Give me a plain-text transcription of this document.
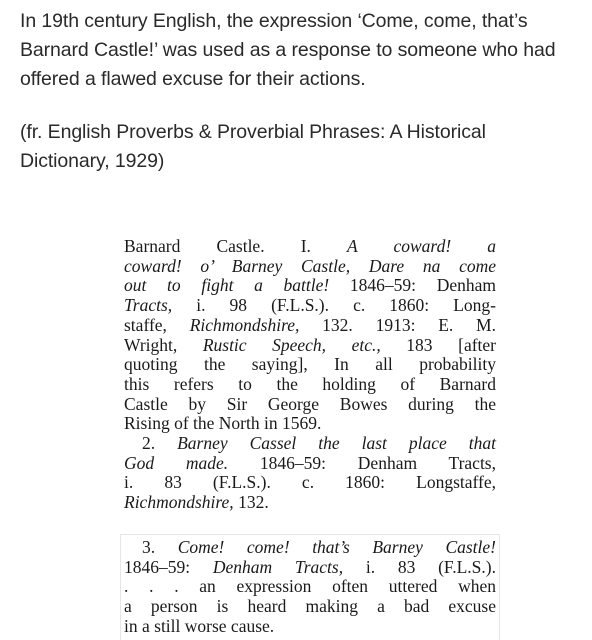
In 19th century English, the expression ‘Come, come, that’s Barnard Castle!’ was used as a response to someone who had offered a flawed excuse for their actions.
(fr. English Proverbs & Proverbial Phrases: A Historical Dictionary, 1929)
Barnard Castle. I. A coward! a
coward! o’ Barney Castle, Dare na come
out to fight a battle! 1846–59: Denham
Tracts, i. 98 (F.L.S.). c. 1860: Long-
staffe, Richmondshire, 132. 1913: E. M.
Wright, Rustic Speech, etc., 183 [after
quoting the saying], In all probability
this refers to the holding of Barnard
Castle by Sir George Bowes during the
Rising of the North in 1569.
2. Barney Cassel the last place that
God made. 1846–59: Denham Tracts,
i. 83 (F.L.S.). c. 1860: Longstaffe,
Richmondshire, 132.
3. Come! come! that’s Barney Castle!
1846–59: Denham Tracts, i. 83 (F.L.S.).
. . . an expression often uttered when
a person is heard making a bad excuse
in a still worse cause.
